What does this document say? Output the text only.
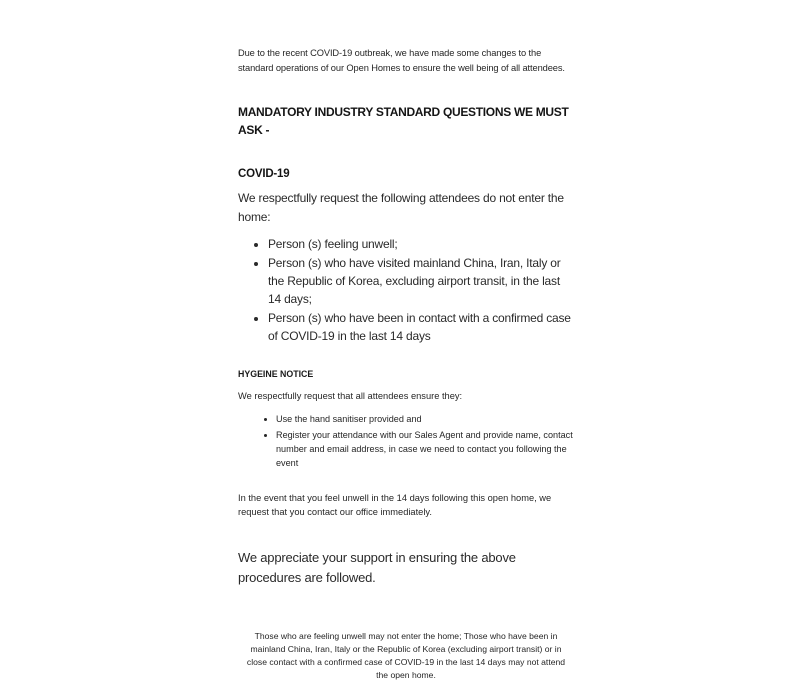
Due to the recent COVID-19 outbreak, we have made some changes to the standard operations of our Open Homes to ensure the well being of all attendees.

MANDATORY INDUSTRY STANDARD QUESTIONS WE MUST ASK -
COVID-19

We respectfully request the following attendees do not enter the home:

• Person (s) feeling unwell;
• Person (s) who have visited mainland China, Iran, Italy or the Republic of Korea, excluding airport transit, in the last 14 days;
• Person (s) who have been in contact with a confirmed case of COVID-19 in the last 14 days
HYGEINE NOTICE

We respectfully request that all attendees ensure they:

• Use the hand sanitiser provided and
• Register your attendance with our Sales Agent and provide name, contact number and email address, in case we need to contact you following the event

In the event that you feel unwell in the 14 days following this open home, we request that you contact our office immediately.

We appreciate your support in ensuring the above procedures are followed.

Those who are feeling unwell may not enter the home; Those who have been in mainland China, Iran, Italy or the Republic of Korea (excluding airport transit) or in close contact with a confirmed case of COVID-19 in the last 14 days may not attend the open home.
